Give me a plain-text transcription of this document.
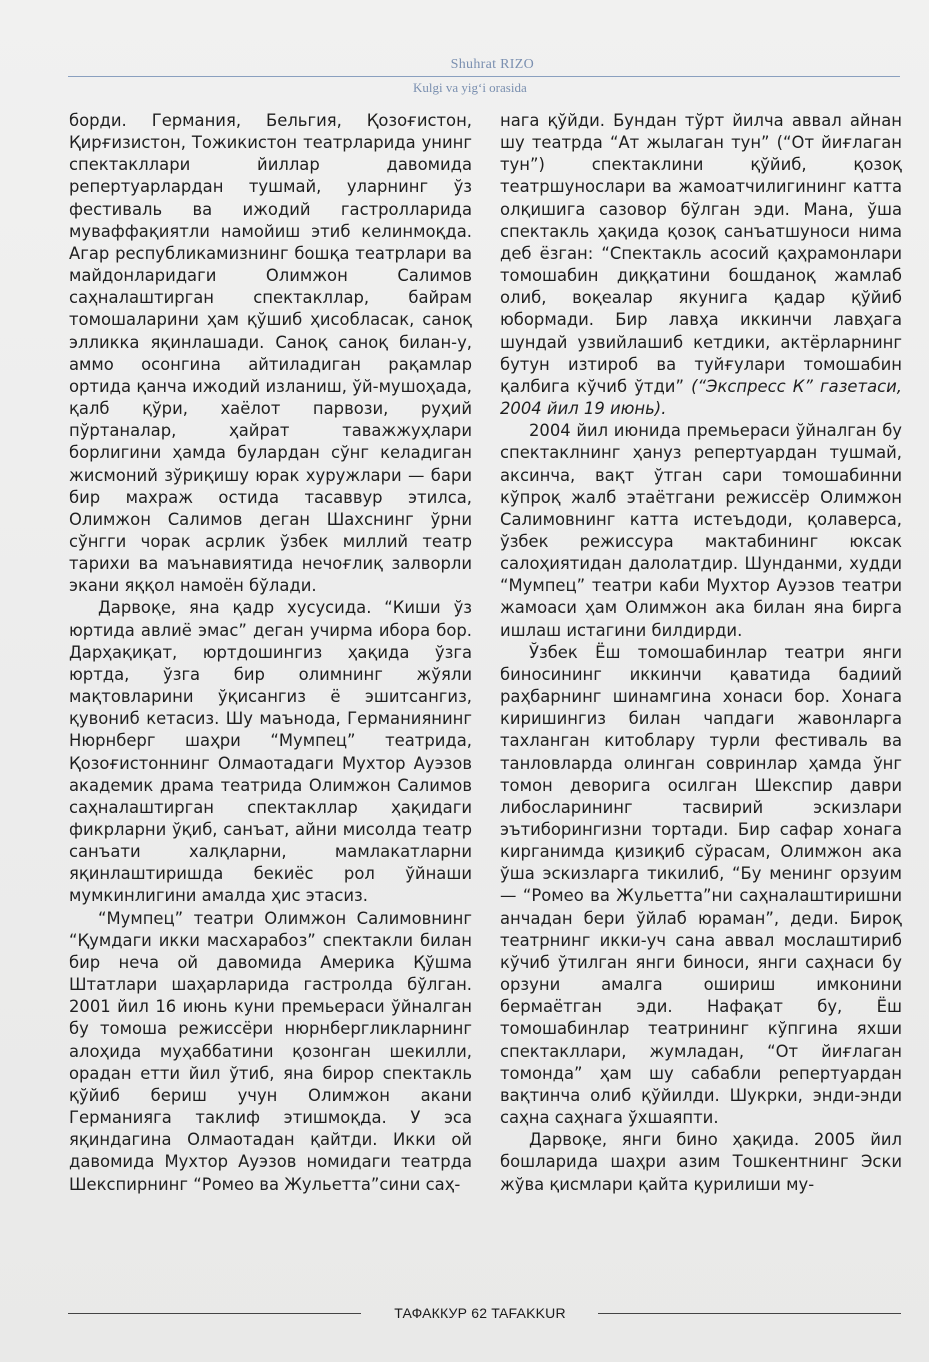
Shuhrat RIZO
Kulgi va yig‘i orasida

борди. Германия, Бельгия, Қозоғистон, Қирғизистон, Тожикистон театрларида унинг спектакллари йиллар давомида репертуарлардан тушмай, уларнинг ўз фестиваль ва ижодий гастролларида муваффақиятли намойиш этиб келинмоқда. Агар республикамизнинг бошқа театрлари ва майдонларидаги Олимжон Салимов саҳналаштирган спектакллар, байрам томошаларини ҳам қўшиб ҳисобласак, саноқ элликка яқинлашади. Саноқ саноқ билан-у, аммо осонгина айтиладиган рақамлар ортида қанча ижодий изланиш, ўй-мушоҳада, қалб қўри, хаёлот парвози, руҳий пўртаналар, ҳайрат таважжуҳлари борлигини ҳамда булардан сўнг келадиган жисмоний зўриқишу юрак хуружлари — бари бир махраж остида тасаввур этилса, Олимжон Салимов деган Шахснинг ўрни сўнгги чорак асрлик ўзбек миллий театр тарихи ва маънавиятида нечоғлиқ залворли экани яққол намоён бўлади.

Дарвоқе, яна қадр хусусида. “Киши ўз юртида авлиё эмас” деган учирма ибора бор. Дарҳақиқат, юртдошингиз ҳақида ўзга юртда, ўзга бир олимнинг жўяли мақтовларини ўқисангиз ё эшитсангиз, қувониб кетасиз. Шу маънода, Германиянинг Нюрнберг шаҳри “Мумпец” театрида, Қозоғистоннинг Олмаотадаги Мухтор Ауэзов академик драма театрида Олимжон Салимов саҳналаштирган спектакллар ҳақидаги фикрларни ўқиб, санъат, айни мисолда театр санъати халқларни, мамлакатларни яқинлаштиришда бекиёс рол ўйнаши мумкинлигини амалда ҳис этасиз.

“Мумпец” театри Олимжон Салимовнинг “Қумдаги икки масхарабоз” спектакли билан бир неча ой давомида Америка Қўшма Штатлари шаҳарларида гастролда бўлган. 2001 йил 16 июнь куни премьераси ўйналган бу томоша режиссёри нюрнбергликларнинг алоҳида муҳаббатини қозонган шекилли, орадан етти йил ўтиб, яна бирор спектакль қўйиб бериш учун Олимжон акани Германияга таклиф этишмоқда. У эса яқиндагина Олмаотадан қайтди. Икки ой давомида Мухтор Ауэзов номидаги театрда Шекспирнинг “Ромео ва Жульетта”сини саҳ-

нага қўйди. Бундан тўрт йилча аввал айнан шу театрда “Ат жылаган тун” (“От йиғлаган тун”) спектаклини қўйиб, қозоқ театршунослари ва жамоатчилигининг катта олқишига сазовор бўлган эди. Мана, ўша спектакль ҳақида қозоқ санъатшуноси нима деб ёзган: “Спектакль асосий қаҳрамонлари томошабин диққатини бошданоқ жамлаб олиб, воқеалар якунига қадар қўйиб юбормади. Бир лавҳа иккинчи лавҳага шундай узвийлашиб кетдики, актёрларнинг бутун изтироб ва туйғулари томошабин қалбига кўчиб ўтди” (“Экспресс К” газетаси, 2004 йил 19 июнь).

2004 йил июнида премьераси ўйналган бу спектаклнинг ҳануз репертуардан тушмай, аксинча, вақт ўтган сари томошабинни кўпроқ жалб этаётгани режиссёр Олимжон Салимовнинг катта истеъдоди, қолаверса, ўзбек режиссура мактабининг юксак салоҳиятидан далолатдир. Шунданми, худди “Мумпец” театри каби Мухтор Ауэзов театри жамоаси ҳам Олимжон ака билан яна бирга ишлаш истагини билдирди.

Ўзбек Ёш томошабинлар театри янги биносининг иккинчи қаватида бадиий раҳбарнинг шинамгина хонаси бор. Хонага киришингиз билан чапдаги жавонларга тахланган китоблару турли фестиваль ва танловларда олинган совринлар ҳамда ўнг томон деворига осилган Шекспир даври либосларининг тасвирий эскизлари эътиборингизни тортади. Бир сафар хонага кирганимда қизиқиб сўрасам, Олимжон ака ўша эскизларга тикилиб, “Бу менинг орзуим — “Ромео ва Жульетта”ни саҳналаштиришни анчадан бери ўйлаб юраман”, деди. Бироқ театрнинг икки-уч сана аввал мослаштириб кўчиб ўтилган янги биноси, янги саҳнаси бу орзуни амалга ошириш имконини бермаётган эди. Нафақат бу, Ёш томошабинлар театрининг кўпгина яхши спектакллари, жумладан, “От йиғлаган томонда” ҳам шу сабабли репертуардан вақтинча олиб қўйилди. Шукрки, энди-энди саҳна саҳнага ўхшаяпти.

Дарвоқе, янги бино ҳақида. 2005 йил бошларида шаҳри азим Тошкентнинг Эски жўва қисмлари қайта қурилиши му-

ТАФАККУР 62 TAFAKKUR
